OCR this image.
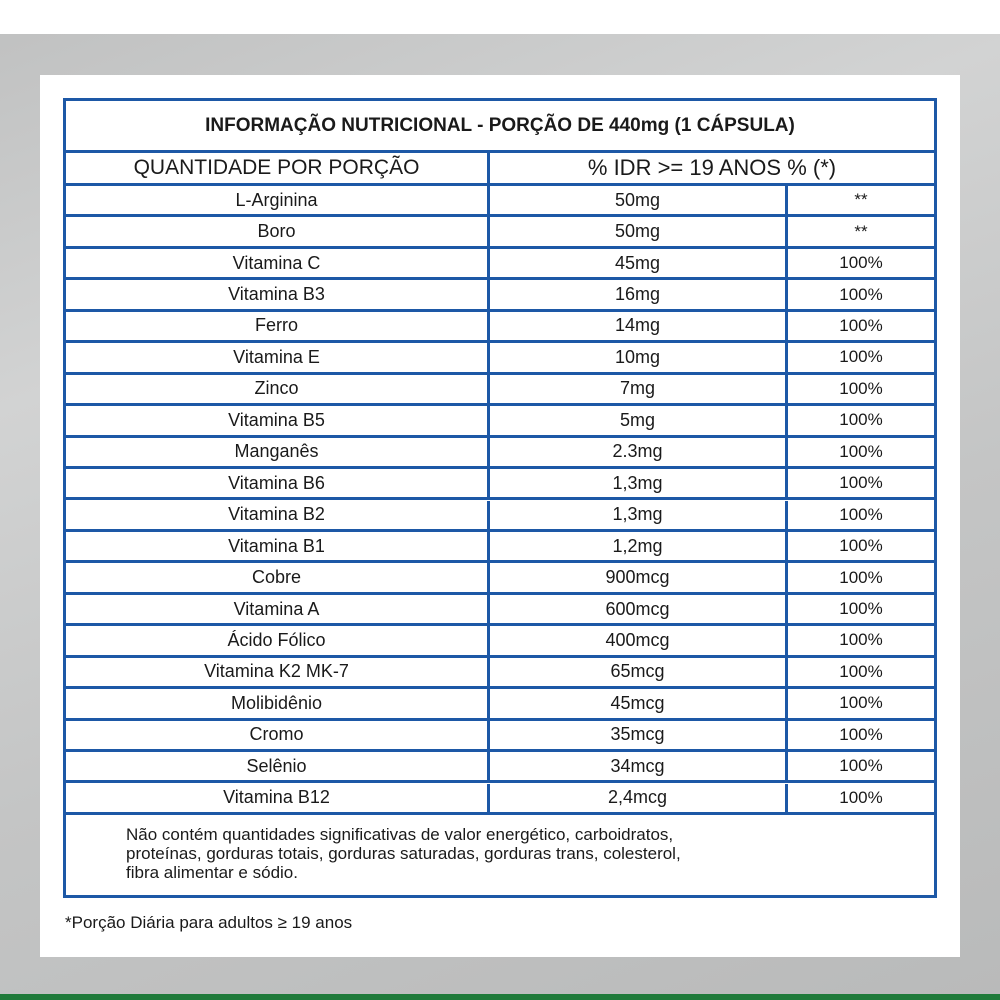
INFORMAÇÃO NUTRICIONAL - PORÇÃO DE 440mg (1 CÁPSULA)
QUANTIDADE POR PORÇÃO	% IDR >= 19 ANOS % (*)
L-Arginina	50mg	**
Boro	50mg	**
Vitamina C	45mg	100%
Vitamina B3	16mg	100%
Ferro	14mg	100%
Vitamina E	10mg	100%
Zinco	7mg	100%
Vitamina B5	5mg	100%
Manganês	2.3mg	100%
Vitamina B6	1,3mg	100%
Vitamina B2	1,3mg	100%
Vitamina B1	1,2mg	100%
Cobre	900mcg	100%
Vitamina A	600mcg	100%
Ácido Fólico	400mcg	100%
Vitamina K2 MK-7	65mcg	100%
Molibidênio	45mcg	100%
Cromo	35mcg	100%
Selênio	34mcg	100%
Vitamina B12	2,4mcg	100%

Não contém quantidades significativas de valor energético, carboidratos,

proteínas, gorduras totais, gorduras saturadas, gorduras trans, colesterol,

fibra alimentar e sódio.

*Porção Diária para adultos ≥ 19 anos
